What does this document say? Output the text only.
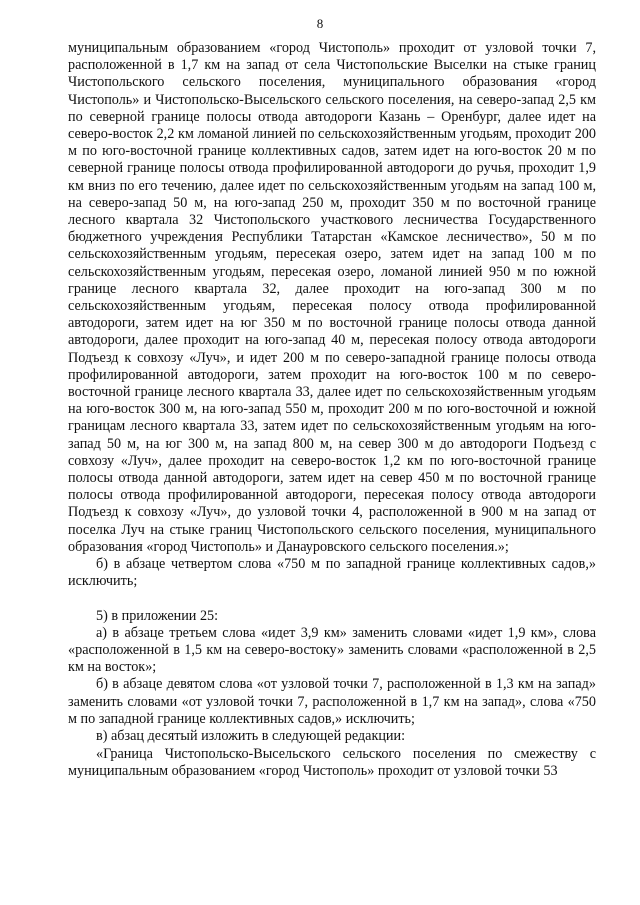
8

муниципальным образованием «город Чистополь» проходит от узловой точки 7, расположенной в 1,7 км на запад от села Чистопольские Выселки на стыке границ Чистопольского сельского поселения, муниципального образования «город Чистополь» и Чистопольско-Высельского сельского поселения, на северо-запад 2,5 км по северной границе полосы отвода автодороги Казань – Оренбург, далее идет на северо-восток 2,2 км ломаной линией по сельскохозяйственным угодьям, проходит 200 м по юго-восточной границе коллективных садов, затем идет на юго-восток 20 м по северной границе полосы отвода профилированной автодороги до ручья, проходит 1,9 км вниз по его течению, далее идет по сельскохозяйственным угодьям на запад 100 м, на северо-запад 50 м, на юго-запад 250 м, проходит 350 м по восточной границе лесного квартала 32 Чистопольского участкового лесничества Государственного бюджетного учреждения Республики Татарстан «Камское лесничество», 50 м по сельскохозяйственным угодьям, пересекая озеро, затем идет на запад 100 м по сельскохозяйственным угодьям, пересекая озеро, ломаной линией 950 м по южной границе лесного квартала 32, далее проходит на юго-запад 300 м по сельскохозяйственным угодьям, пересекая полосу отвода профилированной автодороги, затем идет на юг 350 м по восточной границе полосы отвода данной автодороги, далее проходит на юго-запад 40 м, пересекая полосу отвода автодороги Подъезд к совхозу «Луч», и идет 200 м по северо-западной границе полосы отвода профилированной автодороги, затем проходит на юго-восток 100 м по северо-восточной границе лесного квартала 33, далее идет по сельскохозяйственным угодьям на юго-восток 300 м, на юго-запад 550 м, проходит 200 м по юго-восточной и южной границам лесного квартала 33, затем идет по сельскохозяйственным угодьям на юго-запад 50 м, на юг 300 м, на запад 800 м, на север 300 м до автодороги Подъезд с совхозу «Луч», далее проходит на северо-восток 1,2 км по юго-восточной границе полосы отвода данной автодороги, затем идет на север 450 м по восточной границе полосы отвода профилированной автодороги, пересекая полосу отвода автодороги Подъезд к совхозу «Луч», до узловой точки 4, расположенной в 900 м на запад от поселка Луч на стыке границ Чистопольского сельского поселения, муниципального образования «город Чистополь» и Данауровского сельского поселения.»;

б) в абзаце четвертом слова «750 м по западной границе коллективных садов,» исключить;

5) в приложении 25:

а) в абзаце третьем слова «идет 3,9 км» заменить словами «идет 1,9 км», слова «расположенной в 1,5 км на северо-востоку» заменить словами «расположенной в 2,5 км на восток»;

б) в абзаце девятом слова «от узловой точки 7, расположенной в 1,3 км на запад» заменить словами «от узловой точки 7, расположенной в 1,7 км на запад», слова «750 м по западной границе коллективных садов,» исключить;

в) абзац десятый изложить в следующей редакции:

«Граница Чистопольско-Высельского сельского поселения по смежеству с муниципальным образованием «город Чистополь» проходит от узловой точки 53
